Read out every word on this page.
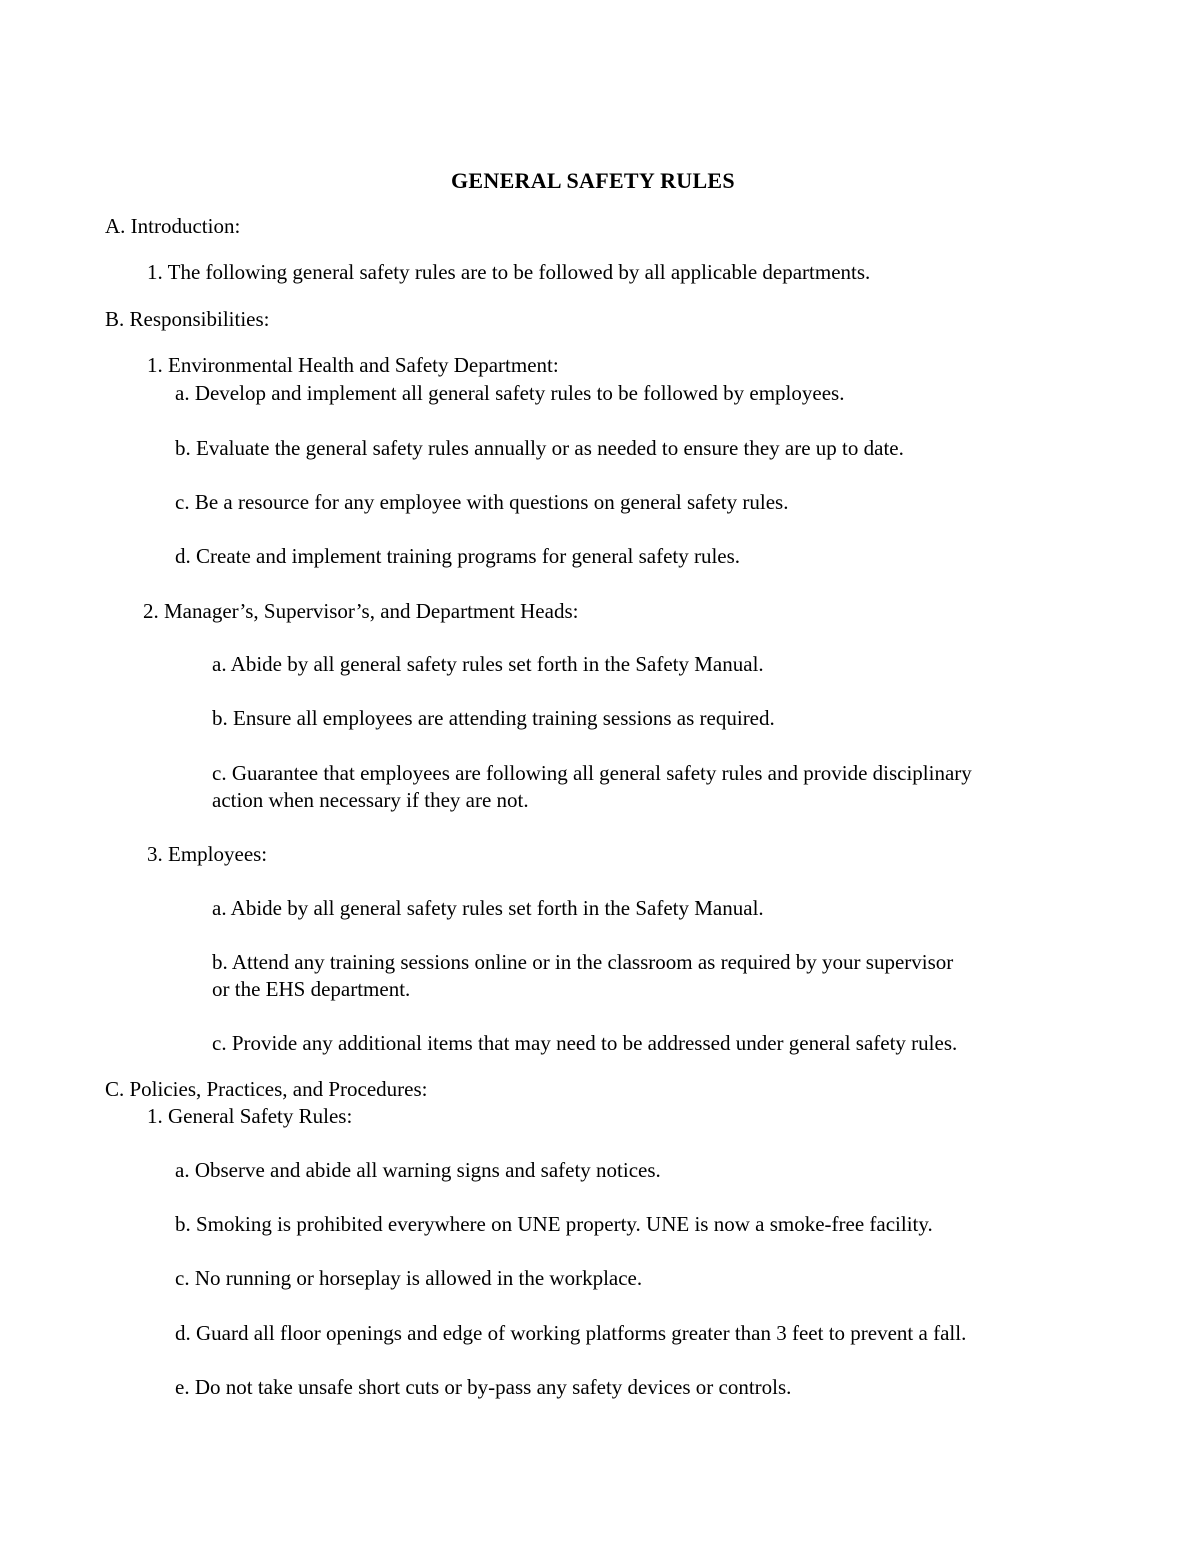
GENERAL SAFETY RULES
A. Introduction:
1. The following general safety rules are to be followed by all applicable departments.
B. Responsibilities:
1. Environmental Health and Safety Department:
a. Develop and implement all general safety rules to be followed by employees.
b. Evaluate the general safety rules annually or as needed to ensure they are up to date.
c. Be a resource for any employee with questions on general safety rules.
d. Create and implement training programs for general safety rules.
2. Manager’s, Supervisor’s, and Department Heads:
a. Abide by all general safety rules set forth in the Safety Manual.
b. Ensure all employees are attending training sessions as required.
c. Guarantee that employees are following all general safety rules and provide disciplinary
action when necessary if they are not.
3. Employees:
a. Abide by all general safety rules set forth in the Safety Manual.
b. Attend any training sessions online or in the classroom as required by your supervisor
or the EHS department.
c. Provide any additional items that may need to be addressed under general safety rules.
C. Policies, Practices, and Procedures:
1. General Safety Rules:
a. Observe and abide all warning signs and safety notices.
b. Smoking is prohibited everywhere on UNE property. UNE is now a smoke-free facility.
c. No running or horseplay is allowed in the workplace.
d. Guard all floor openings and edge of working platforms greater than 3 feet to prevent a fall.
e. Do not take unsafe short cuts or by-pass any safety devices or controls.
